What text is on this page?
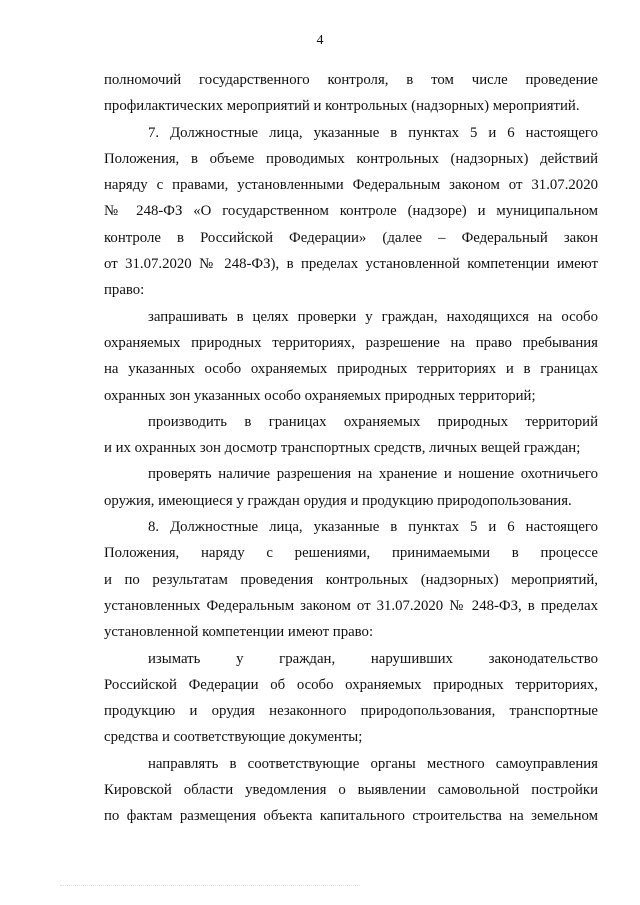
4
полномочий государственного контроля, в том числе проведение
профилактических мероприятий и контрольных (надзорных) мероприятий.
7. Должностные лица, указанные в пунктах 5 и 6 настоящего
Положения, в объеме проводимых контрольных (надзорных) действий
наряду с правами, установленными Федеральным законом от 31.07.2020
№ 248-ФЗ «О государственном контроле (надзоре) и муниципальном
контроле в Российской Федерации» (далее – Федеральный закон
от 31.07.2020 № 248-ФЗ), в пределах установленной компетенции имеют
право:
запрашивать в целях проверки у граждан, находящихся на особо
охраняемых природных территориях, разрешение на право пребывания
на указанных особо охраняемых природных территориях и в границах
охранных зон указанных особо охраняемых природных территорий;
производить в границах охраняемых природных территорий
и их охранных зон досмотр транспортных средств, личных вещей граждан;
проверять наличие разрешения на хранение и ношение охотничьего
оружия, имеющиеся у граждан орудия и продукцию природопользования.
8. Должностные лица, указанные в пунктах 5 и 6 настоящего
Положения, наряду с решениями, принимаемыми в процессе
и по результатам проведения контрольных (надзорных) мероприятий,
установленных Федеральным законом от 31.07.2020 № 248-ФЗ, в пределах
установленной компетенции имеют право:
изымать у граждан, нарушивших законодательство
Российской Федерации об особо охраняемых природных территориях,
продукцию и орудия незаконного природопользования, транспортные
средства и соответствующие документы;
направлять в соответствующие органы местного самоуправления
Кировской области уведомления о выявлении самовольной постройки
по фактам размещения объекта капитального строительства на земельном
